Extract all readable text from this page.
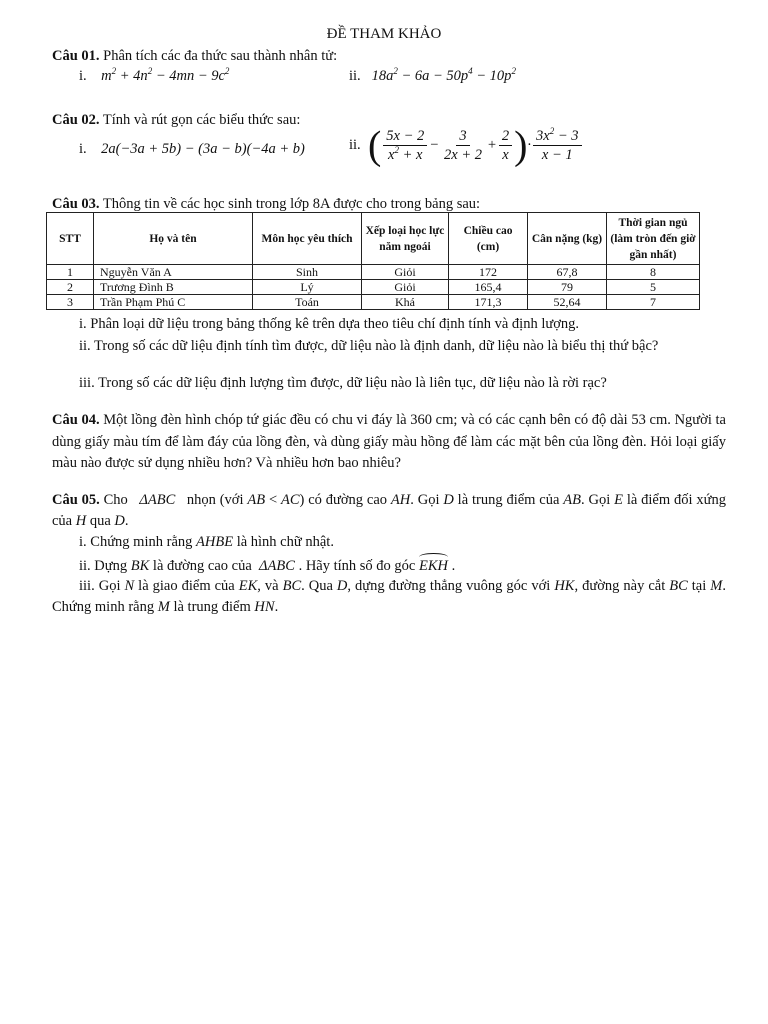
ĐỀ THAM KHẢO
Câu 01. Phân tích các đa thức sau thành nhân tử:
i. $m^2 + 4n^2 - 4mn - 9c^2$	ii. $18a^2 - 6a - 50p^4 - 10p^2$
Câu 02. Tính và rút gọn các biểu thức sau:
i. 2a(−3a + 5b) − (3a − b)(−4a + b)	ii. ( $\frac{5x - 2}{x^2 + x} - \frac{3}{2x + 2} + \frac{2}{x}$ )· $\frac{3x^2 - 3}{x - 1}$
Câu 03. Thông tin về các học sinh trong lớp 8A được cho trong bảng sau:
STT	Họ và tên	Môn học yêu thích	Xếp loại học lực năm ngoái	Chiều cao (cm)	Cân nặng (kg)	Thời gian ngủ (làm tròn đến giờ gần nhất)
1	Nguyễn Văn A	Sinh	Giỏi	172	67,8	8
2	Trương Đình B	Lý	Giỏi	165,4	79	5
3	Trần Phạm Phú C	Toán	Khá	171,3	52,64	7
i. Phân loại dữ liệu trong bảng thống kê trên dựa theo tiêu chí định tính và định lượng.
ii. Trong số các dữ liệu định tính tìm được, dữ liệu nào là định danh, dữ liệu nào là biểu thị thứ bậc?
iii. Trong số các dữ liệu định lượng tìm được, dữ liệu nào là liên tục, dữ liệu nào là rời rạc?
Câu 04. Một lồng đèn hình chóp tứ giác đều có chu vi đáy là 360 cm; và có các cạnh bên có độ dài 53 cm. Người ta dùng giấy màu tím để làm đáy của lồng đèn, và dùng giấy màu hồng để làm các mặt bên của lồng đèn. Hỏi loại giấy màu nào được sử dụng nhiều hơn? Và nhiều hơn bao nhiêu?
Câu 05. Cho   ΔABC   nhọn (với AB < AC) có đường cao AH. Gọi D là trung điểm của AB. Gọi E là điểm đối xứng của H qua D.
i. Chứng minh rằng AHBE là hình chữ nhật.
ii. Dựng BK là đường cao của  ΔABC . Hãy tính số đo góc EKH .
iii. Gọi N là giao điểm của EK, và BC. Qua D, dựng đường thẳng vuông góc với HK, đường này cắt BC tại M. Chứng minh rằng M là trung điểm HN.
